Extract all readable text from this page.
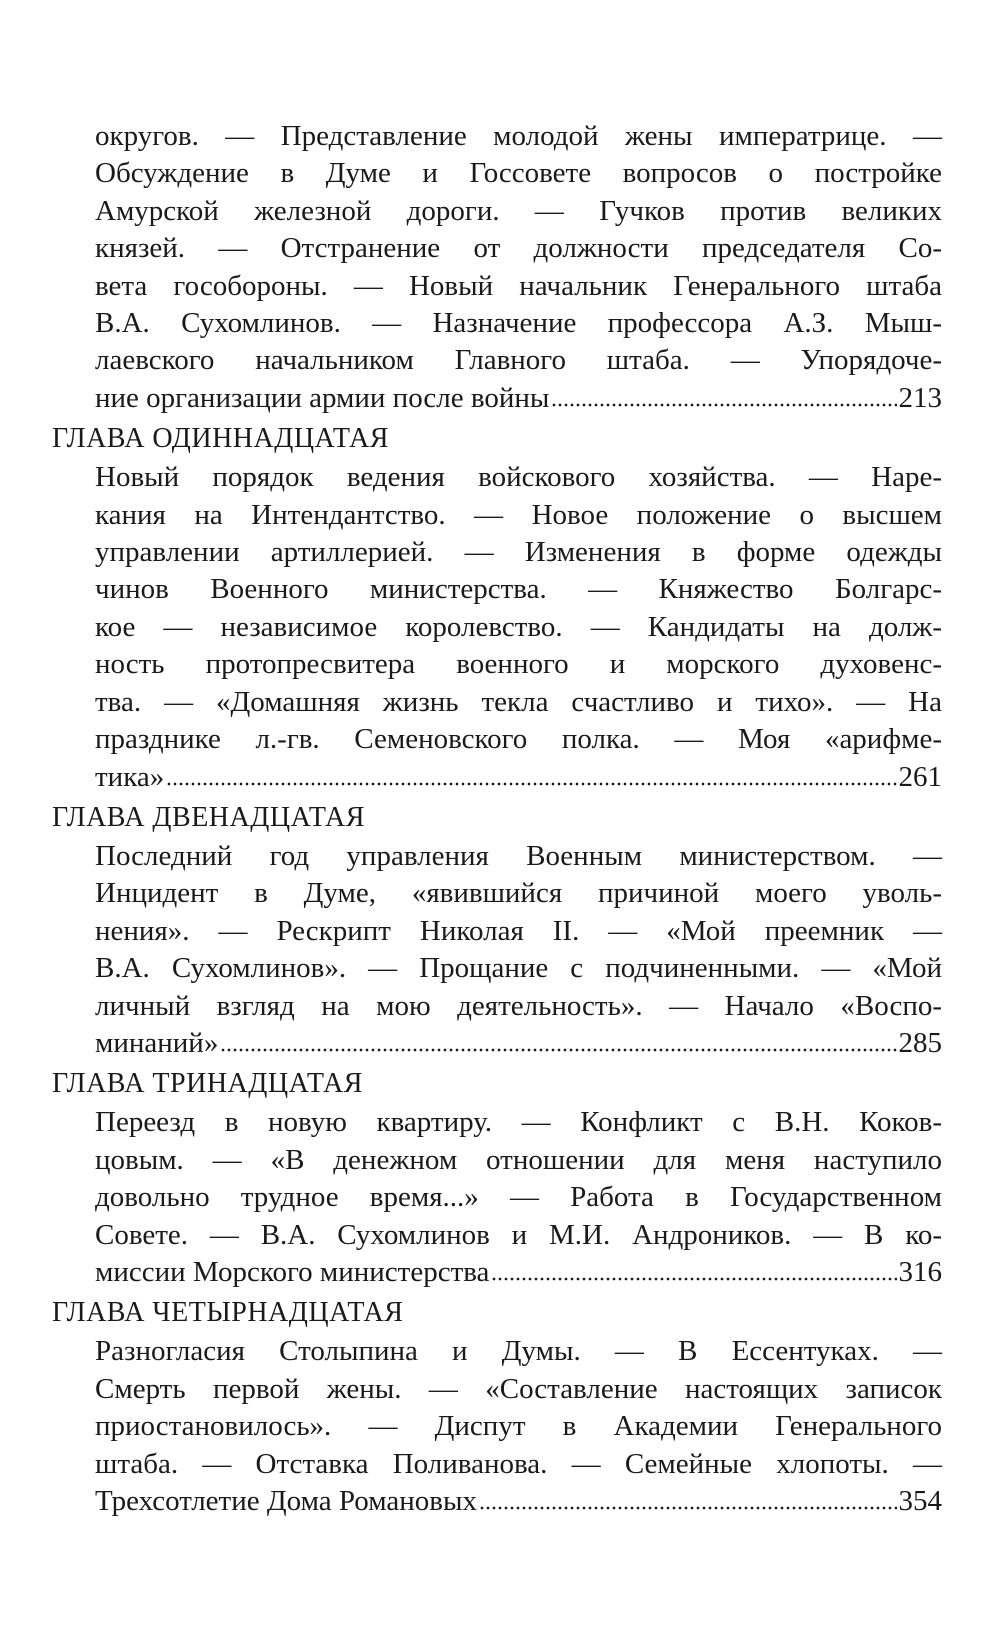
округов. — Представление молодой жены императрице. —
Обсуждение в Думе и Госсовете вопросов о постройке
Амурской железной дороги. — Гучков против великих
князей. — Отстранение от должности председателя Со-
вета гособороны. — Новый начальник Генерального штаба
В.А. Сухомлинов. — Назначение профессора А.З. Мыш-
лаевского начальником Главного штаба. — Упорядоче-
ние организации армии после войны	213
ГЛАВА ОДИННАДЦАТАЯ
Новый порядок ведения войскового хозяйства. — Наре-
кания на Интендантство. — Новое положение о высшем
управлении артиллерией. — Изменения в форме одежды
чинов Военного министерства. — Княжество Болгарс-
кое — независимое королевство. — Кандидаты на долж-
ность протопресвитера военного и морского духовенс-
тва. — «Домашняя жизнь текла счастливо и тихо». — На
празднике л.-гв. Семеновского полка. — Моя «арифме-
тика»	261
ГЛАВА ДВЕНАДЦАТАЯ
Последний год управления Военным министерством. —
Инцидент в Думе, «явившийся причиной моего уволь-
нения». — Рескрипт Николая II. — «Мой преемник —
В.А. Сухомлинов». — Прощание с подчиненными. — «Мой
личный взгляд на мою деятельность». — Начало «Воспо-
минаний»	285
ГЛАВА ТРИНАДЦАТАЯ
Переезд в новую квартиру. — Конфликт с В.Н. Коков-
цовым. — «В денежном отношении для меня наступило
довольно трудное время...» — Работа в Государственном
Совете. — В.А. Сухомлинов и М.И. Андроников. — В ко-
миссии Морского министерства	316
ГЛАВА ЧЕТЫРНАДЦАТАЯ
Разногласия Столыпина и Думы. — В Ессентуках. —
Смерть первой жены. — «Составление настоящих записок
приостановилось». — Диспут в Академии Генерального
штаба. — Отставка Поливанова. — Семейные хлопоты. —
Трехсотлетие Дома Романовых	354
